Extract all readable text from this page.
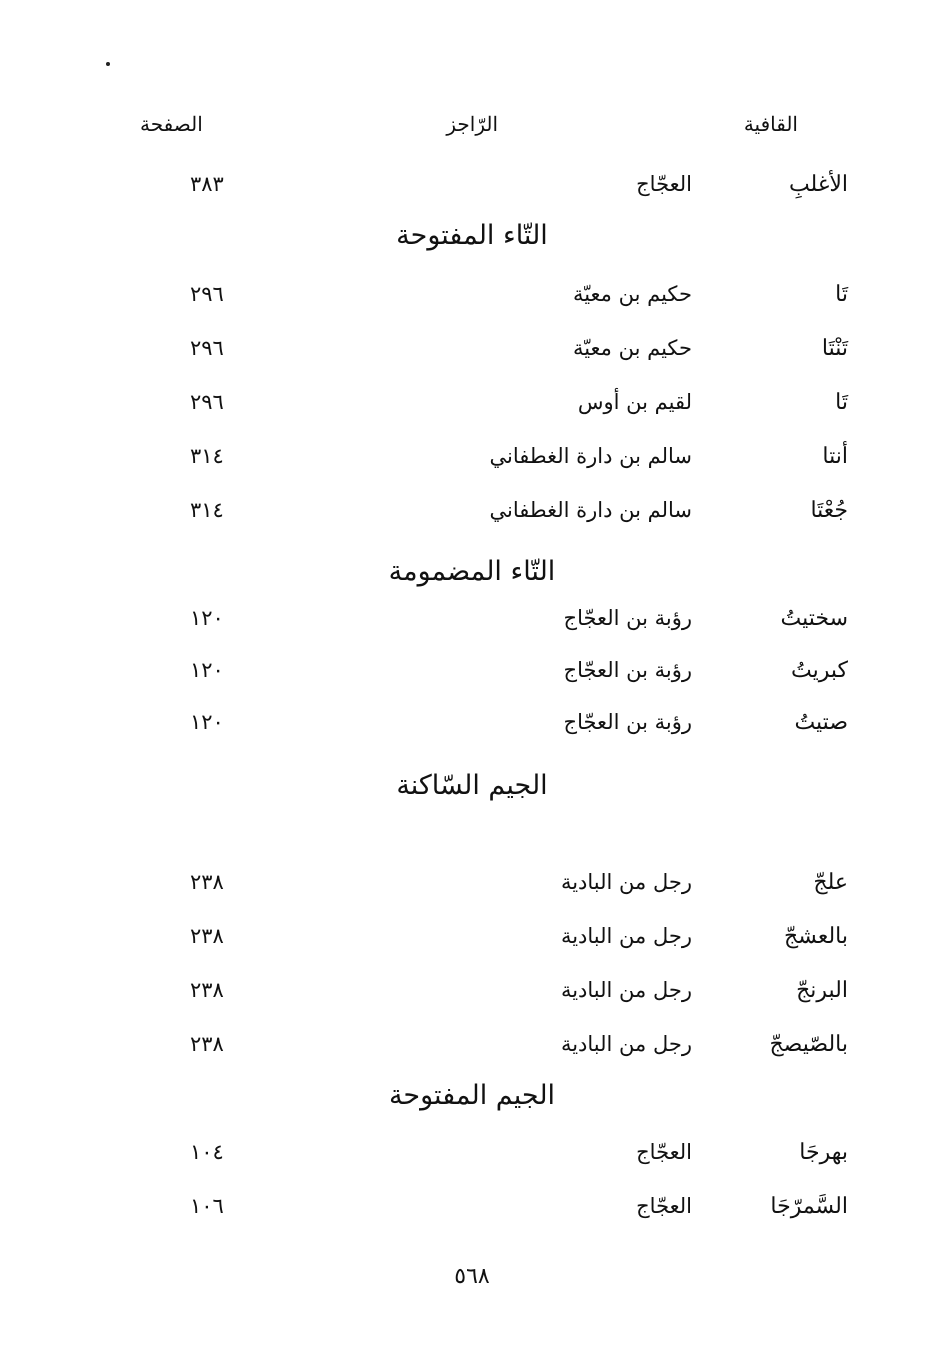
القافية
الرّاجز
الصفحة
الأغلبِ
العجّاج
٣٨٣
التّاء المفتوحة
تَا
حكيم بن معيّة
٢٩٦
تَنْتَا
حكيم بن معيّة
٢٩٦
تَا
لقيم بن أوس
٢٩٦
أنتا
سالم بن دارة الغطفاني
٣١٤
جُعْتَا
سالم بن دارة الغطفاني
٣١٤
التّاء المضمومة
سختيتُ
رؤبة بن العجّاج
١٢٠
كبريتُ
رؤبة بن العجّاج
١٢٠
صتيتُ
رؤبة بن العجّاج
١٢٠
الجيم السّاكنة
علجّ
رجل من البادية
٢٣٨
بالعشجّ
رجل من البادية
٢٣٨
البرنجّ
رجل من البادية
٢٣٨
بالصّيصجّ
رجل من البادية
٢٣٨
الجيم المفتوحة
بهرجَا
العجّاج
١٠٤
السَّمرّجَا
العجّاج
١٠٦
٥٦٨
